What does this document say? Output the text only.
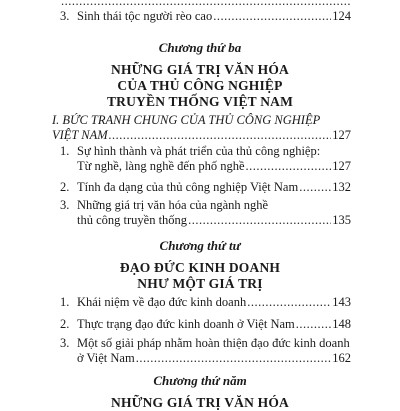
.....
3. Sinh thái tộc người rèo cao .....	124
Chương thứ ba
NHỮNG GIÁ TRỊ VĂN HÓA
CỦA THỦ CÔNG NGHIỆP
TRUYỀN THỐNG VIỆT NAM
I. BỨC TRANH CHUNG CỦA THỦ CÔNG NGHIỆP
VIỆT NAM .....	127
1. Sự hình thành và phát triển của thủ công nghiệp:
Từ nghề, làng nghề đến phố nghề .....	127
2. Tính đa dạng của thủ công nghiệp Việt Nam .....	132
3. Những giá trị văn hóa của ngành nghề
thủ công truyền thống .....	135
Chương thứ tư
ĐẠO ĐỨC KINH DOANH
NHƯ MỘT GIÁ TRỊ
1. Khái niệm về đạo đức kinh doanh .....	143
2. Thực trạng đạo đức kinh doanh ở Việt Nam .....	148
3. Một số giải pháp nhằm hoàn thiện đạo đức kinh doanh
ở Việt Nam .....	162
Chương thứ năm
NHỮNG GIÁ TRỊ VĂN HÓA
